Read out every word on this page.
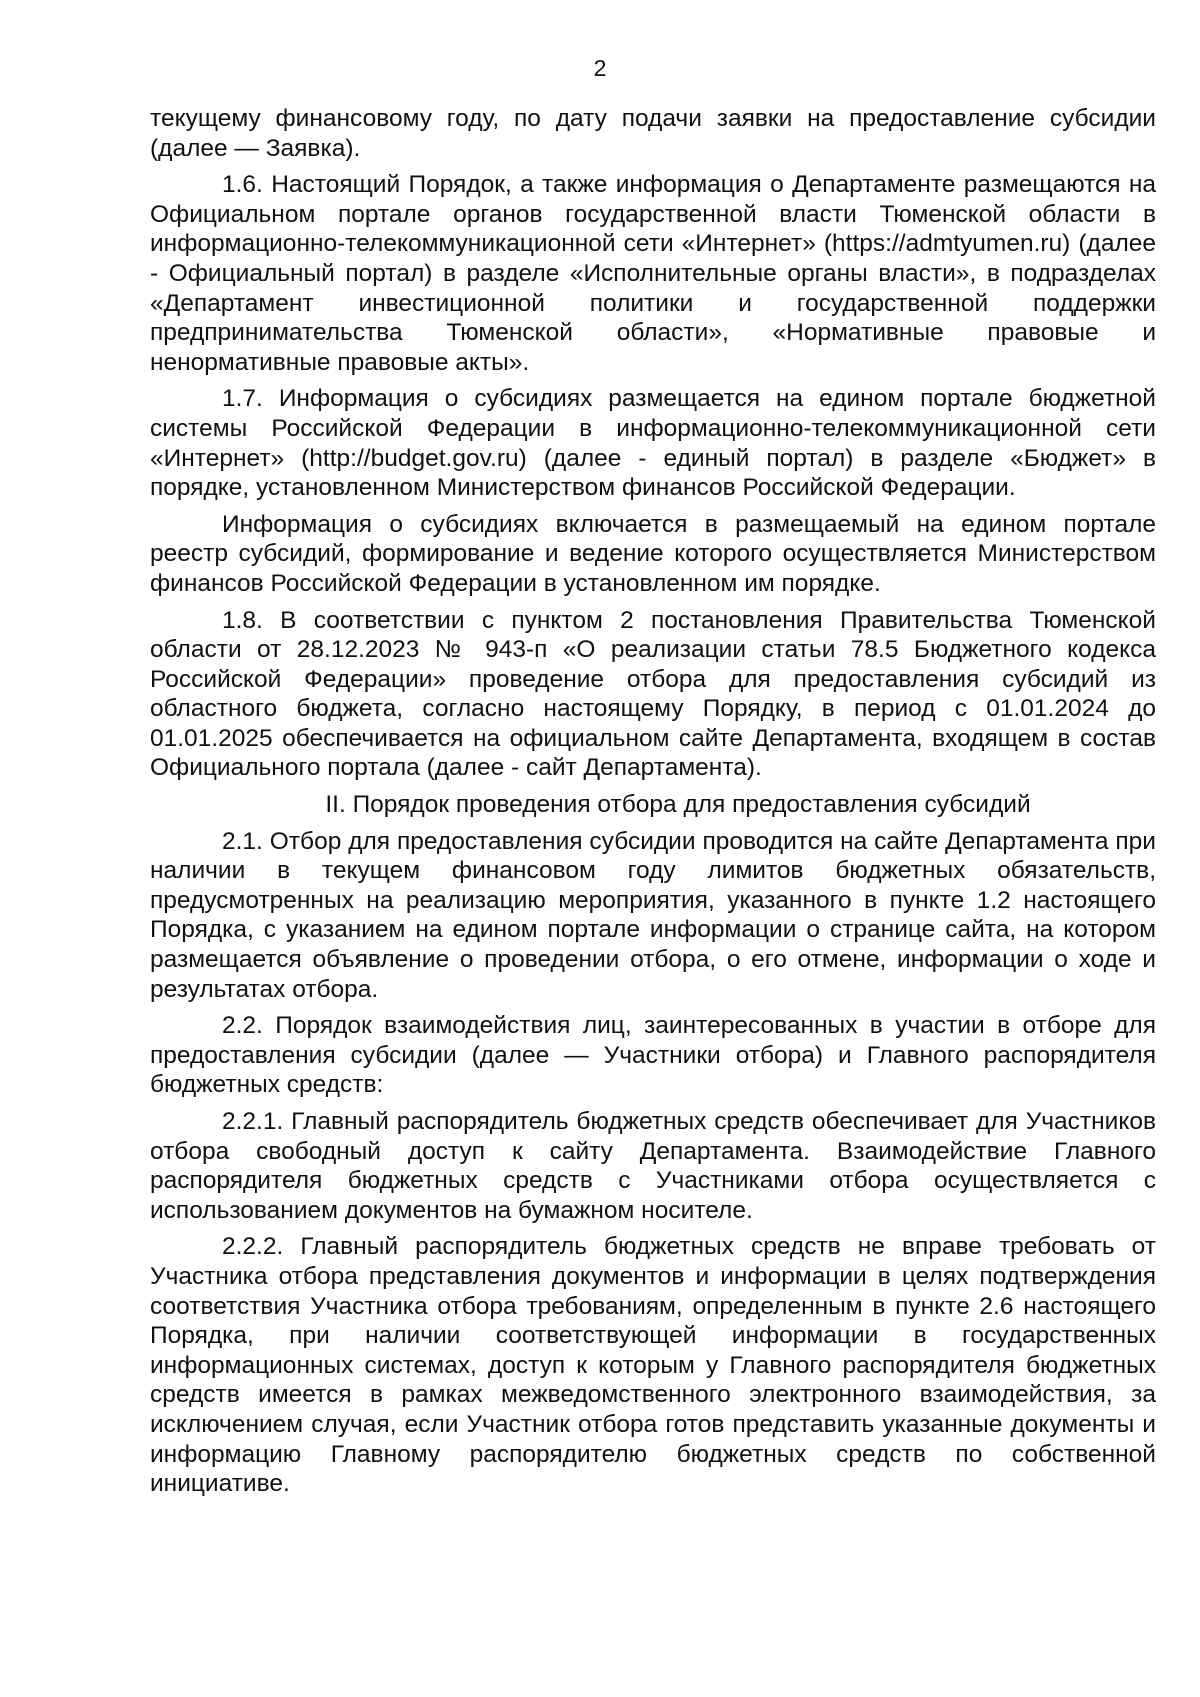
2

текущему финансовому году, по дату подачи заявки на предоставление субсидии (далее — Заявка).

1.6. Настоящий Порядок, а также информация о Департаменте размещаются на Официальном портале органов государственной власти Тюменской области в информационно-телекоммуникационной сети «Интернет» (https://admtyumen.ru) (далее - Официальный портал) в разделе «Исполнительные органы власти», в подразделах «Департамент инвестиционной политики и государственной поддержки предпринимательства Тюменской области», «Нормативные правовые и ненормативные правовые акты».

1.7. Информация о субсидиях размещается на едином портале бюджетной системы Российской Федерации в информационно-телекоммуникационной сети «Интернет» (http://budget.gov.ru) (далее - единый портал) в разделе «Бюджет» в порядке, установленном Министерством финансов Российской Федерации.

Информация о субсидиях включается в размещаемый на едином портале реестр субсидий, формирование и ведение которого осуществляется Министерством финансов Российской Федерации в установленном им порядке.

1.8. В соответствии с пунктом 2 постановления Правительства Тюменской области от 28.12.2023 № 943-п «О реализации статьи 78.5 Бюджетного кодекса Российской Федерации» проведение отбора для предоставления субсидий из областного бюджета, согласно настоящему Порядку, в период с 01.01.2024 до 01.01.2025 обеспечивается на официальном сайте Департамента, входящем в состав Официального портала (далее - сайт Департамента).

II. Порядок проведения отбора для предоставления субсидий

2.1. Отбор для предоставления субсидии проводится на сайте Департамента при наличии в текущем финансовом году лимитов бюджетных обязательств, предусмотренных на реализацию мероприятия, указанного в пункте 1.2 настоящего Порядка, с указанием на едином портале информации о странице сайта, на котором размещается объявление о проведении отбора, о его отмене, информации о ходе и результатах отбора.

2.2. Порядок взаимодействия лиц, заинтересованных в участии в отборе для предоставления субсидии (далее — Участники отбора) и Главного распорядителя бюджетных средств:

2.2.1. Главный распорядитель бюджетных средств обеспечивает для Участников отбора свободный доступ к сайту Департамента. Взаимодействие Главного распорядителя бюджетных средств с Участниками отбора осуществляется с использованием документов на бумажном носителе.

2.2.2. Главный распорядитель бюджетных средств не вправе требовать от Участника отбора представления документов и информации в целях подтверждения соответствия Участника отбора требованиям, определенным в пункте 2.6 настоящего Порядка, при наличии соответствующей информации в государственных информационных системах, доступ к которым у Главного распорядителя бюджетных средств имеется в рамках межведомственного электронного взаимодействия, за исключением случая, если Участник отбора готов представить указанные документы и информацию Главному распорядителю бюджетных средств по собственной инициативе.
